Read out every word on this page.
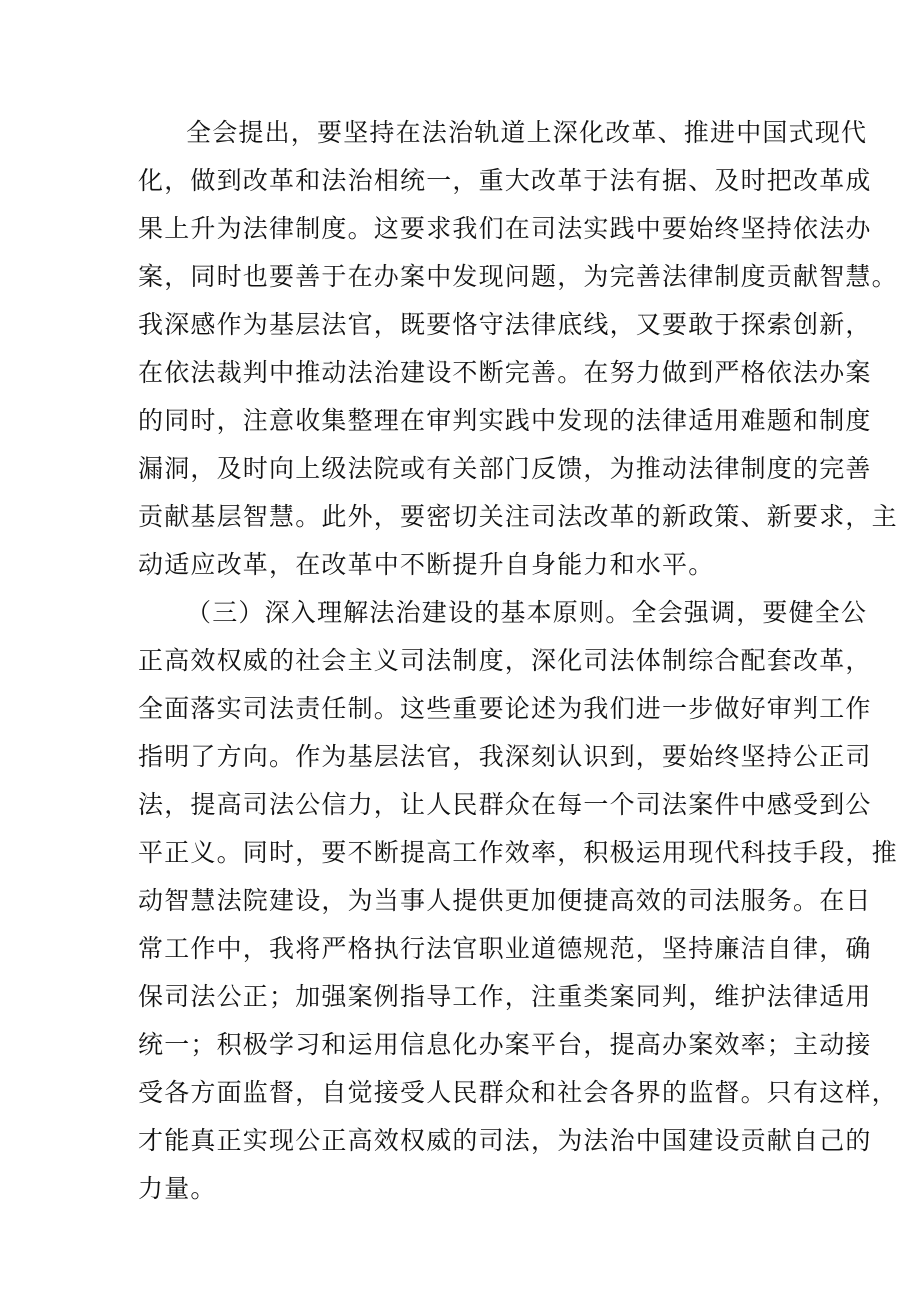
全会提出，要坚持在法治轨道上深化改革、推进中国式现代
化，做到改革和法治相统一，重大改革于法有据、及时把改革成
果上升为法律制度。这要求我们在司法实践中要始终坚持依法办
案，同时也要善于在办案中发现问题，为完善法律制度贡献智慧。
我深感作为基层法官，既要恪守法律底线，又要敢于探索创新，
在依法裁判中推动法治建设不断完善。在努力做到严格依法办案
的同时，注意收集整理在审判实践中发现的法律适用难题和制度
漏洞，及时向上级法院或有关部门反馈，为推动法律制度的完善
贡献基层智慧。此外，要密切关注司法改革的新政策、新要求，主
动适应改革，在改革中不断提升自身能力和水平。
（三）深入理解法治建设的基本原则。全会强调，要健全公
正高效权威的社会主义司法制度，深化司法体制综合配套改革，
全面落实司法责任制。这些重要论述为我们进一步做好审判工作
指明了方向。作为基层法官，我深刻认识到，要始终坚持公正司
法，提高司法公信力，让人民群众在每一个司法案件中感受到公
平正义。同时，要不断提高工作效率，积极运用现代科技手段，推
动智慧法院建设，为当事人提供更加便捷高效的司法服务。在日
常工作中，我将严格执行法官职业道德规范，坚持廉洁自律，确
保司法公正；加强案例指导工作，注重类案同判，维护法律适用
统一；积极学习和运用信息化办案平台，提高办案效率；主动接
受各方面监督，自觉接受人民群众和社会各界的监督。只有这样，
才能真正实现公正高效权威的司法，为法治中国建设贡献自己的
力量。
